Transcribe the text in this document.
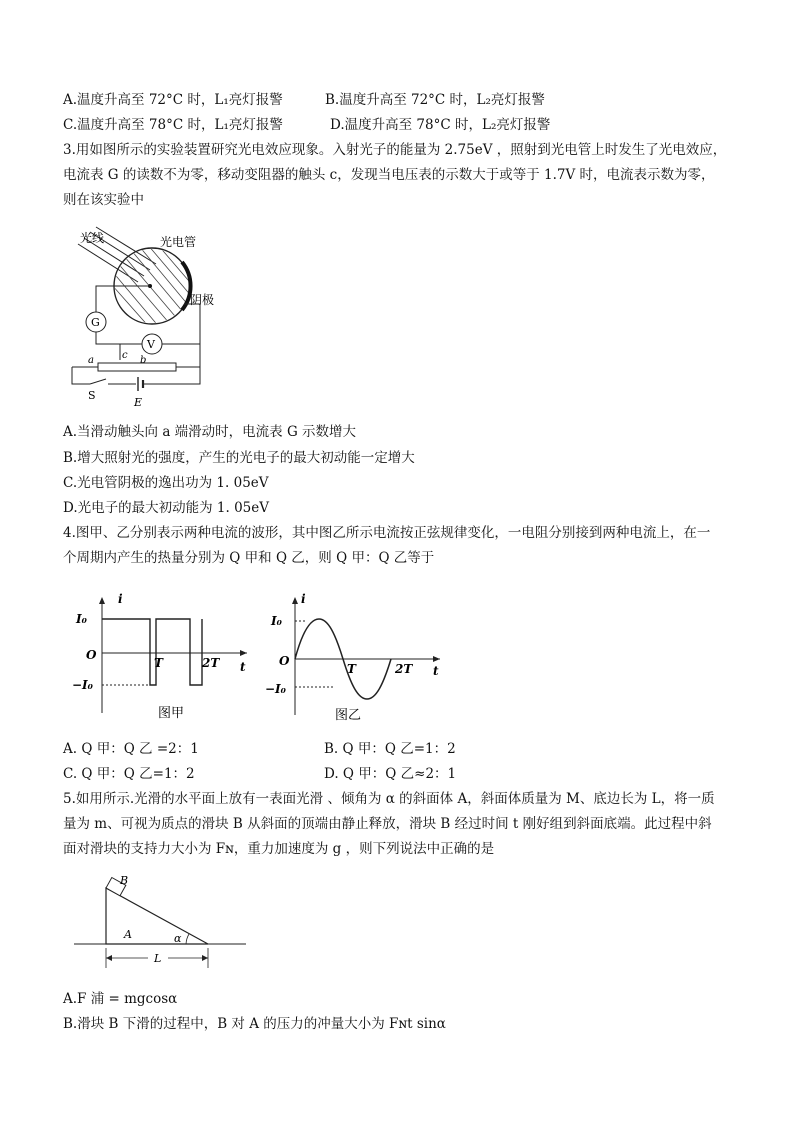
A.温度升高至 72°C 时，L₁亮灯报警	B.温度升高至 72°C 时，L₂亮灯报警
C.温度升高至 78°C 时，L₁亮灯报警	D.温度升高至 78°C 时，L₂亮灯报警
3.用如图所示的实验装置研究光电效应现象。入射光子的能量为 2.75eV ，照射到光电管上时发生了光电效应，
电流表 G 的读数不为零，移动变阻器的触头 c，发现当电压表的示数大于或等于 1.7V 时，电流表示数为零，
则在该实验中
G
V
a	c b
S
E
光线	光电管
阴极
A.当滑动触头向 a 端滑动时，电流表 G 示数增大
B.增大照射光的强度，产生的光电子的最大初动能一定增大
C.光电管阴极的逸出功为 1. 05eV
D.光电子的最大初动能为 1. 05eV
4.图甲、乙分别表示两种电流的波形，其中图乙所示电流按正弦规律变化，一电阻分别接到两种电流上，在一
个周期内产生的热量分别为 Q 甲和 Q 乙，则 Q 甲：Q 乙等于
i
t
I₀
O
−I₀
T	2T
图甲
i
t
I₀
O
−I₀
T	2T
图乙
A. Q 甲：Q 乙 =2：1	B. Q 甲：Q 乙=1：2
C. Q 甲：Q 乙=1：2	D. Q 甲：Q 乙≈2：1
5.如用所示.光滑的水平面上放有一表面光滑 、倾角为 α 的斜面体 A，斜面体质量为 M、底边长为 L，将一质
量为 m、可视为质点的滑块 B 从斜面的顶端由静止释放，滑块 B 经过时间 t 刚好组到斜面底端。此过程中斜
面对滑块的支持力大小为 Fɴ，重力加速度为 g ，则下列说法中正确的是
B
A	α
L
A.F 浦 = mgcosα
B.滑块 B 下滑的过程中，B 对 A 的压力的冲量大小为 Fɴt sinα
